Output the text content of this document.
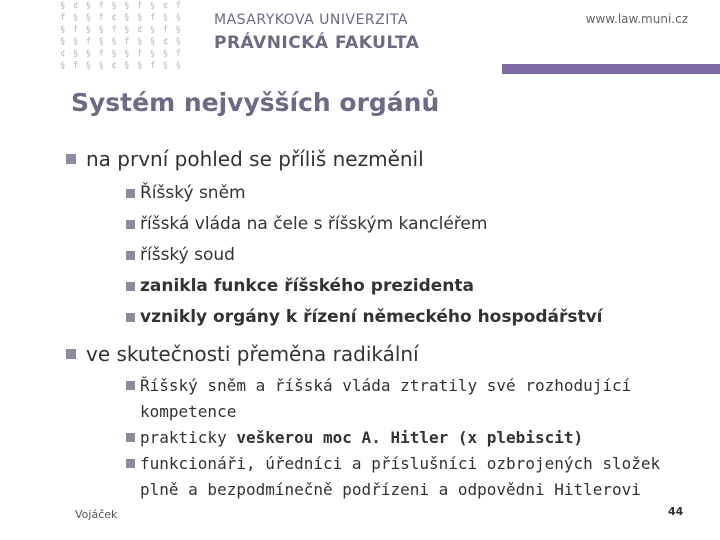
§ ¢ § f § § f § ¢ f
f § § f ¢ § § f § §
§ f § § f § ¢ § f §
§ § f § § f § § ¢ §
¢ § § f § § f § § f
§ f § § ¢ § § f § §
MASARYKOVA UNIVERZITA
PRÁVNICKÁ FAKULTA
www.law.muni.cz
Systém nejvyšších orgánů
na první pohled se příliš nezměnil
Říšský sněm
říšská vláda na čele s říšským kancléřem
říšský soud
zanikla funkce říšského prezidenta
vznikly orgány k řízení německého hospodářství
ve skutečnosti přeměna radikální
Říšský sněm a říšská vláda ztratily své rozhodující kompetence
prakticky veškerou moc A. Hitler (x plebiscit)
funkcionáři, úředníci a příslušníci ozbrojených složek plně a bezpodmínečně podřízeni a odpovědni Hitlerovi
Vojáček	44
